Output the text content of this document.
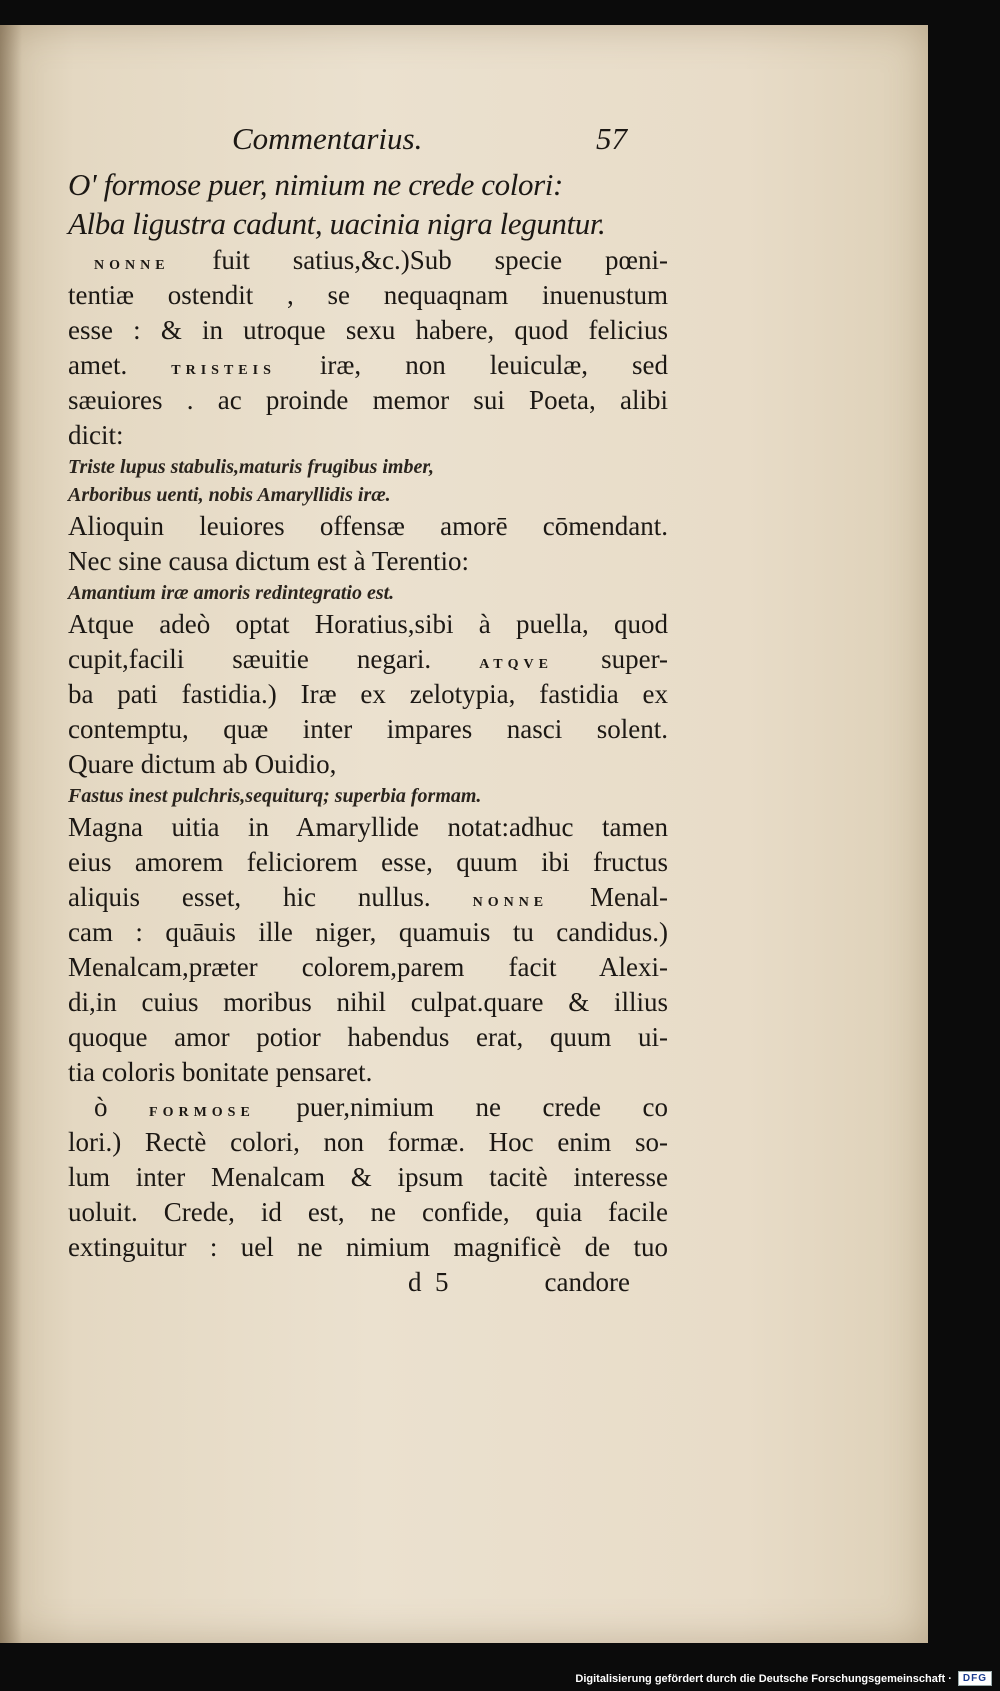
Commentarius.	57
O' formose puer, nimium ne crede colori:
Alba ligustra cadunt, uacinia nigra leguntur.
NONNE fuit satius,&c.)Sub specie pœni-
tentiæ ostendit , se nequaqnam inuenustum
esse : & in utroque sexu habere, quod felicius
amet.	TRISTEIS iræ, non leuiculæ, sed
sæuiores . ac proinde memor sui Poeta, alibi
dicit:
Triste lupus stabulis,maturis frugibus imber,
Arboribus uenti, nobis Amaryllidis iræ.
Alioquin leuiores offensæ amorē cōmendant.
Nec sine causa dictum est à Terentio:
Amantium iræ amoris redintegratio est.
Atque adeò optat Horatius,sibi à puella, quod
cupit,facili sæuitie negari.	ATQVE super-
ba pati fastidia.) Iræ ex zelotypia, fastidia ex
contemptu, quæ inter impares nasci solent.
Quare dictum ab Ouidio,
Fastus inest pulchris,sequiturq; superbia formam.
Magna uitia in Amaryllide notat:adhuc tamen
eius amorem feliciorem esse, quum ibi fructus
aliquis esset, hic nullus.	NONNE Menal-
cam : quāuis ille niger, quamuis tu candidus.)
Menalcam,præter colorem,parem facit Alexi-
di,in cuius moribus nihil culpat.quare & illius
quoque amor potior habendus erat, quum ui-
tia coloris bonitate pensaret.
ò	FORMOSE puer,nimium ne crede co
lori.) Rectè colori, non formæ. Hoc enim so-
lum inter Menalcam & ipsum tacitè interesse
uoluit. Crede, id est, ne confide, quia facile
extinguitur : uel ne nimium magnificè de tuo
d 5	candore
Digitalisierung gefördert durch die Deutsche Forschungsgemeinschaft ·	DFG
